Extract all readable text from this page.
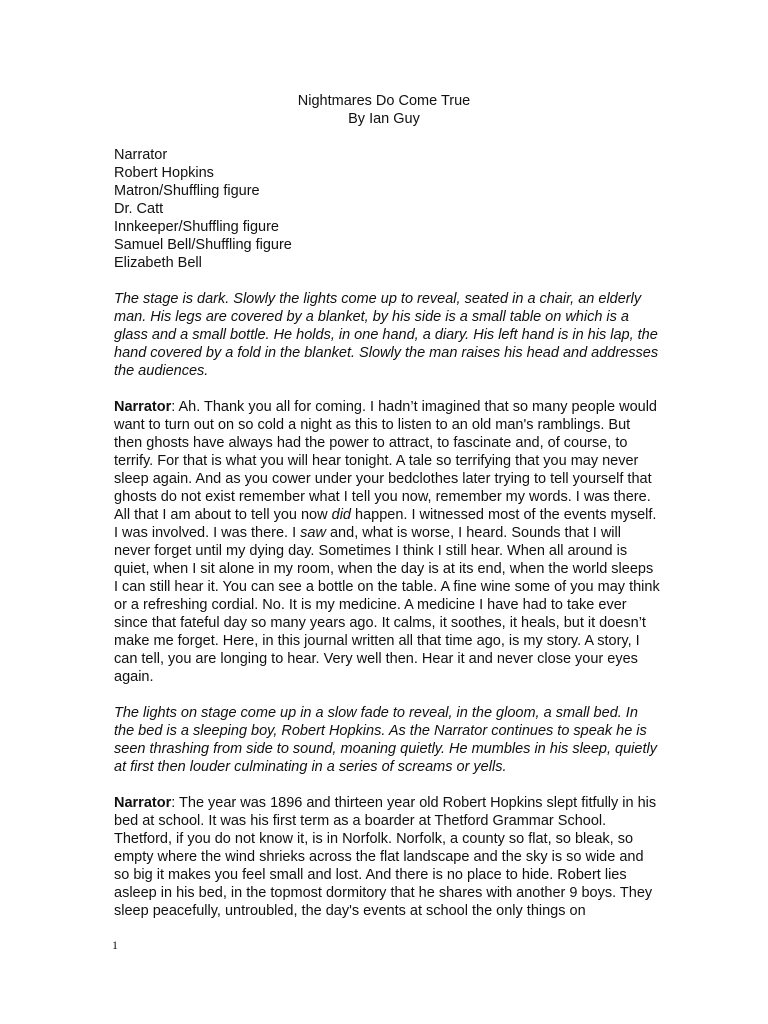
Nightmares Do Come True
By Ian Guy
Narrator
Robert Hopkins
Matron/Shuffling figure
Dr. Catt
Innkeeper/Shuffling figure
Samuel Bell/Shuffling figure
Elizabeth Bell

The stage is dark. Slowly the lights come up to reveal, seated in a chair, an elderly man. His legs are covered by a blanket, by his side is a small table on which is a glass and a small bottle. He holds, in one hand, a diary. His left hand is in his lap, the hand covered by a fold in the blanket. Slowly the man raises his head and addresses the audiences.

Narrator: Ah. Thank you all for coming. I hadn’t imagined that so many people would want to turn out on so cold a night as this to listen to an old man's ramblings. But then ghosts have always had the power to attract, to fascinate and, of course, to terrify. For that is what you will hear tonight. A tale so terrifying that you may never sleep again. And as you cower under your bedclothes later trying to tell yourself that ghosts do not exist remember what I tell you now, remember my words. I was there. All that I am about to tell you now did happen. I witnessed most of the events myself. I was involved. I was there. I saw and, what is worse, I heard. Sounds that I will never forget until my dying day. Sometimes I think I still hear. When all around is quiet, when I sit alone in my room, when the day is at its end, when the world sleeps I can still hear it. You can see a bottle on the table. A fine wine some of you may think or a refreshing cordial. No. It is my medicine. A medicine I have had to take ever since that fateful day so many years ago. It calms, it soothes, it heals, but it doesn’t make me forget. Here, in this journal written all that time ago, is my story. A story, I can tell, you are longing to hear. Very well then. Hear it and never close your eyes again.

The lights on stage come up in a slow fade to reveal, in the gloom, a small bed. In the bed is a sleeping boy, Robert Hopkins. As the Narrator continues to speak he is seen thrashing from side to sound, moaning quietly. He mumbles in his sleep, quietly at first then louder culminating in a series of screams or yells.

Narrator: The year was 1896 and thirteen year old Robert Hopkins slept fitfully in his bed at school. It was his first term as a boarder at Thetford Grammar School. Thetford, if you do not know it, is in Norfolk. Norfolk, a county so flat, so bleak, so empty where the wind shrieks across the flat landscape and the sky is so wide and so big it makes you feel small and lost. And there is no place to hide. Robert lies asleep in his bed, in the topmost dormitory that he shares with another 9 boys. They sleep peacefully, untroubled, the day's events at school the only things on

1
